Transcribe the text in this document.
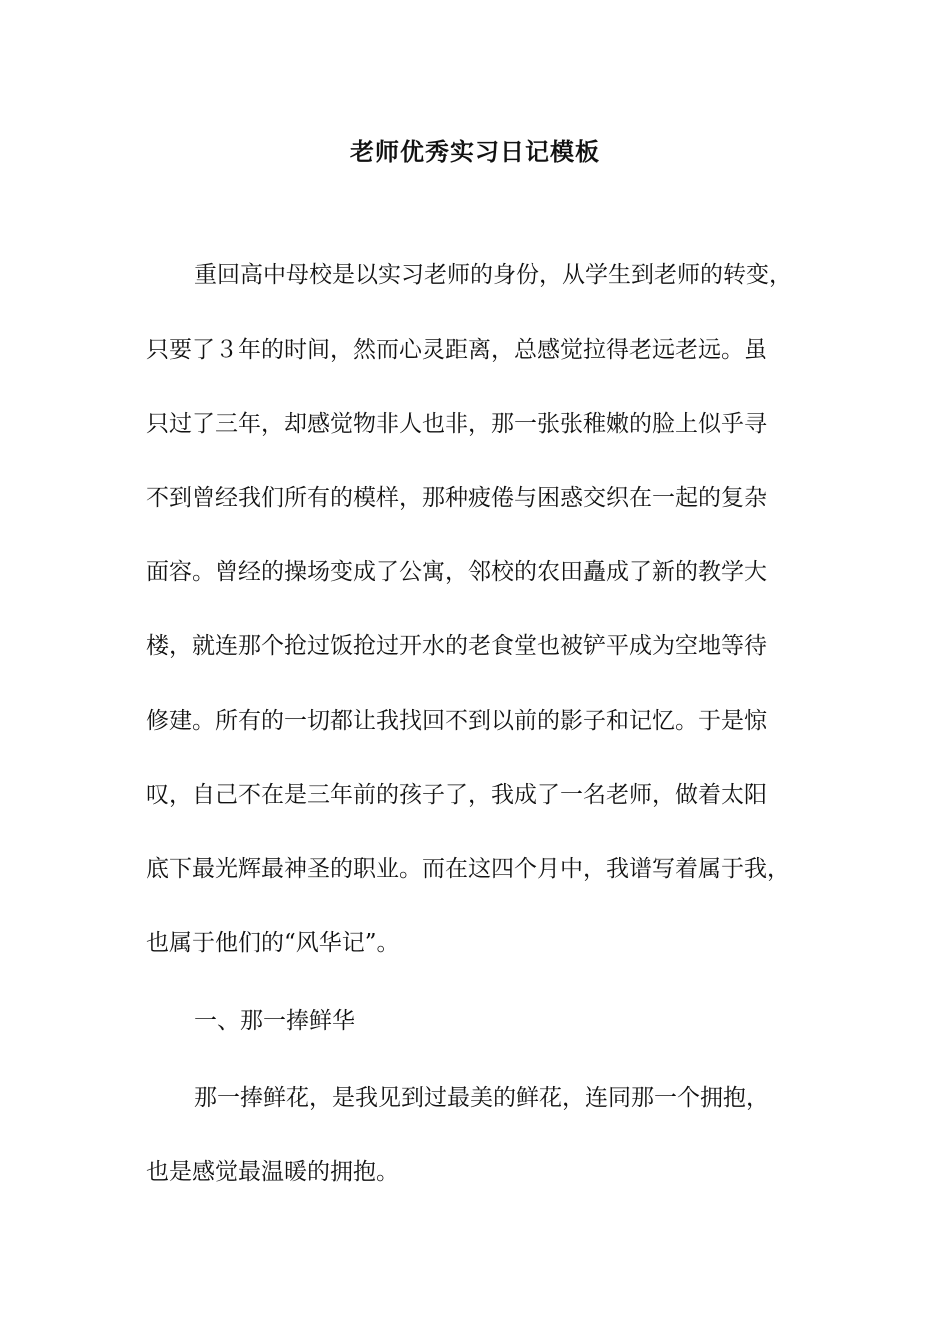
老师优秀实习日记模板

重回高中母校是以实习老师的身份，从学生到老师的转变，

只要了３年的时间，然而心灵距离，总感觉拉得老远老远。虽

只过了三年，却感觉物非人也非，那一张张稚嫩的脸上似乎寻

不到曾经我们所有的模样，那种疲倦与困惑交织在一起的复杂

面容。曾经的操场变成了公寓，邻校的农田矗成了新的教学大

楼，就连那个抢过饭抢过开水的老食堂也被铲平成为空地等待

修建。所有的一切都让我找回不到以前的影子和记忆。于是惊

叹，自己不在是三年前的孩子了，我成了一名老师，做着太阳

底下最光辉最神圣的职业。而在这四个月中，我谱写着属于我，

也属于他们的“风华记”。

一、那一捧鲜华

那一捧鲜花，是我见到过最美的鲜花，连同那一个拥抱，

也是感觉最温暖的拥抱。
